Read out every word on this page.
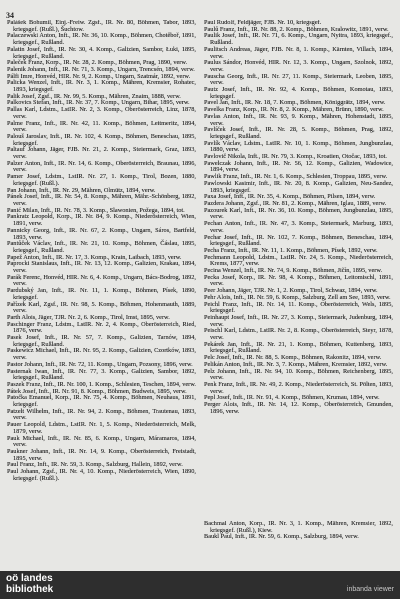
34

Palášek Bohumil, Einj.-Freiw. Zgsf., IR. Nr. 80, Böhmen, Tabor, 1893, kriegsgef. (Rußl.), Šuchtow.

Palaczewski Anton, Inft., IR. Nr. 36, 10. Komp., Böhmen, Chotěboř, 1891, kriegsgef., Rußland.

Palatin Josef, Inft., IR. Nr. 30, 4. Komp., Galizien, Sambor, Łuki, 1895, kriegsgef., Rußland.

Paleček Franz, Korp., IR. Nr. 28, 2. Komp., Böhmen, Prag, 1890, verw.

Palenik Johann, Inft., IR. Nr. 71, 3. Komp., Ungarn, Trencsén, 1894, verw.

Pálfi Imre, Honvéd, HIR. Nr. 9, 2. Komp., Ungarn, Szatmár, 1892, verw.

Palicka Wenzel, Inft., IR. Nr. 3, 1. Komp., Mähren, Kremsier, Rohatec, 1893, kriegsgef.

Palik Josef, Zgsf., IR. Nr. 99, 5. Komp., Mähren, Znaim, 1888, verw.

Palkovics Stefan, Inft., IR. Nr. 37, 7. Komp., Ungarn, Bihar, 1895, verw.

Pallas Karl, Ldstm., LstIR. Nr. 2, 3. Komp., Oberösterreich, Linz, 1878, verw.

Palme Franz, Inft., IR. Nr. 42, 11. Komp., Böhmen, Leitmeritz, 1894, verw.

Palouš Jaroslav, Inft., IR. Nr. 102, 4. Komp., Böhmen, Beneschau, 1895, kriegsgef.

Paltauf Johann, Jäger, FJB. Nr. 21, 2. Komp., Steiermark, Graz, 1893, verw.

Palzer Anton, Inft., IR. Nr. 14, 6. Komp., Oberösterreich, Braunau, 1896, verw.

Pamer Josef, Ldstm., LstIR. Nr. 27, 1. Komp., Tirol, Bozen, 1880, kriegsgef. (Rußl.).

Pan Johann, Inft., IR. Nr. 29, Mähren, Olmütz, 1894, verw.

Pánek Josef, Inft., IR. Nr. 54, 8. Komp., Mähren, Mähr.-Schönberg, 1892, verw.

Panić Milan, Inft., IR. Nr. 78, 3. Komp., Slawonien, Požega, 1894, tot.

Pankratz Leopold, Korp., IR. Nr. 84, 9. Komp., Niederösterreich, Wien, 1891, verw.

Pannicky Georg, Inft., IR. Nr. 67, 2. Komp., Ungarn, Sáros, Bartfeld, 1893, verw.

Pantůček Václav, Inft., IR. Nr. 21, 10. Komp., Böhmen, Čáslau, 1895, kriegsgef., Rußland.

Papež Anton, Inft., IR. Nr. 17, 3. Komp., Krain, Laibach, 1893, verw.

Paprocki Stanislaus, Inft., IR. Nr. 13, 12. Komp., Galizien, Krakau, 1894, verw.

Parák Ferenc, Honvéd, HIR. Nr. 6, 4. Komp., Ungarn, Bács-Bodrog, 1892, verw.

Pardubský Jan, Inft., IR. Nr. 11, 1. Komp., Böhmen, Písek, 1890, kriegsgef.

Pařízek Karl, Zgsf., IR. Nr. 98, 5. Komp., Böhmen, Hohenmauth, 1889, verw.

Parth Alois, Jäger, TJR. Nr. 2, 6. Komp., Tirol, Imst, 1895, verw.

Paschinger Franz, Ldstm., LstIR. Nr. 2, 4. Komp., Oberösterreich, Ried, 1876, verw.

Pasek Josef, Inft., IR. Nr. 57, 7. Komp., Galizien, Tarnów, 1894, kriegsgef., Rußland.

Paskewicz Michael, Inft., IR. Nr. 95, 2. Komp., Galizien, Czortków, 1893, verw.

Pastor Johann, Inft., IR. Nr. 72, 11. Komp., Ungarn, Pozsony, 1896, verw.

Pasternak Iwan, Inft., IR. Nr. 77, 3. Komp., Galizien, Sambor, 1892, kriegsgef., Rußland.

Paszek Franz, Inft., IR. Nr. 100, 1. Komp., Schlesien, Teschen, 1894, verw.

Pátek Josef, Inft., IR. Nr. 91, 8. Komp., Böhmen, Budweis, 1895, verw.

Patočka Emanuel, Korp., IR. Nr. 75, 4. Komp., Böhmen, Neuhaus, 1891, kriegsgef.

Patzelt Wilhelm, Inft., IR. Nr. 94, 2. Komp., Böhmen, Trautenau, 1893, verw.

Pauer Leopold, Ldstm., LstIR. Nr. 1, 5. Komp., Niederösterreich, Melk, 1879, verw.

Pauk Michael, Inft., IR. Nr. 85, 6. Komp., Ungarn, Máramaros, 1894, verw.

Paukner Johann, Inft., IR. Nr. 14, 9. Komp., Oberösterreich, Freistadt, 1895, verw.

Paul Franz, Inft., IR. Nr. 59, 3. Komp., Salzburg, Hallein, 1892, verw.

Paul Johann, Zgsf., IR. Nr. 4, 10. Komp., Niederösterreich, Wien, 1890, kriegsgef. (Rußl.).

Paul Rudolf, Feldjäger, FJB. Nr. 10, kriegsgef.

Paulů Franz, Inft., IR. Nr. 88, 2. Komp., Böhmen, Kralowitz, 1891, verw.

Paulik Josef, Inft., IR. Nr. 71, 6. Komp., Ungarn, Nyitra, 1893, kriegsgef., Rußland.

Paulitsch Andreas, Jäger, FJB. Nr. 8, 1. Komp., Kärnten, Villach, 1894, verw.

Paulus Sándor, Honvéd, HIR. Nr. 12, 3. Komp., Ungarn, Szolnok, 1892, verw.

Pauscha Georg, Inft., IR. Nr. 27, 11. Komp., Steiermark, Leoben, 1895, verw.

Pautz Josef, Inft., IR. Nr. 92, 4. Komp., Böhmen, Komotau, 1893, kriegsgef.

Pavel Jan, Inft., IR. Nr. 18, 7. Komp., Böhmen, Königgrätz, 1894, verw.

Pavelka Franz, Korp., IR. Nr. 8, 2. Komp., Mähren, Brünn, 1890, verw.

Pavlas Anton, Inft., IR. Nr. 93, 9. Komp., Mähren, Hohenstadt, 1895, verw.

Pavlíček Josef, Inft., IR. Nr. 28, 5. Komp., Böhmen, Prag, 1892, kriegsgef., Rußland.

Pavlík Václav, Ldstm., LstIR. Nr. 10, 1. Komp., Böhmen, Jungbunzlau, 1880, verw.

Pavlovič Nikola, Inft., IR. Nr. 79, 3. Komp., Kroatien, Otočac, 1893, tot.

Pawelczak Johann, Inft., IR. Nr. 56, 12. Komp., Galizien, Wadowice, 1894, verw.

Pawlik Franz, Inft., IR. Nr. 1, 6. Komp., Schlesien, Troppau, 1895, verw.

Pawlowski Kasimir, Inft., IR. Nr. 20, 8. Komp., Galizien, Neu-Sandez, 1893, kriegsgef.

Paxa Josef, Inft., IR. Nr. 35, 4. Komp., Böhmen, Pilsen, 1894, verw.

Pazdera Johann, Zgsf., IR. Nr. 81, 2. Komp., Mähren, Iglau, 1889, verw.

Pazourek Karl, Inft., IR. Nr. 36, 10. Komp., Böhmen, Jungbunzlau, 1895, verw.

Pechan Anton, Inft., IR. Nr. 47, 3. Komp., Steiermark, Marburg, 1893, verw.

Pechar Josef, Inft., IR. Nr. 102, 7. Komp., Böhmen, Beneschau, 1894, kriegsgef., Rußland.

Pecha Franz, Inft., IR. Nr. 11, 1. Komp., Böhmen, Písek, 1892, verw.

Pechmann Leopold, Ldstm., LstIR. Nr. 24, 5. Komp., Niederösterreich, Krems, 1877, verw.

Pecina Wenzel, Inft., IR. Nr. 74, 9. Komp., Böhmen, Jičín, 1895, verw.

Pecka Josef, Korp., IR. Nr. 98, 4. Komp., Böhmen, Leitomischl, 1891, verw.

Peer Johann, Jäger, TJR. Nr. 1, 2. Komp., Tirol, Schwaz, 1894, verw.

Pehr Alois, Inft., IR. Nr. 59, 6. Komp., Salzburg, Zell am See, 1893, verw.

Peichl Franz, Inft., IR. Nr. 14, 11. Komp., Oberösterreich, Wels, 1895, kriegsgef.

Peinhaupt Josef, Inft., IR. Nr. 27, 3. Komp., Steiermark, Judenburg, 1894, verw.

Peischl Karl, Ldstm., LstIR. Nr. 2, 8. Komp., Oberösterreich, Steyr, 1878, verw.

Pekárek Jan, Inft., IR. Nr. 21, 1. Komp., Böhmen, Kuttenberg, 1893, kriegsgef., Rußland.

Pelc Josef, Inft., IR. Nr. 88, 5. Komp., Böhmen, Rakonitz, 1894, verw.

Pelikán Anton, Inft., IR. Nr. 3, 7. Komp., Mähren, Kremsier, 1892, verw.

Pelz Johann, Inft., IR. Nr. 94, 10. Komp., Böhmen, Reichenberg, 1895, verw.

Penk Franz, Inft., IR. Nr. 49, 2. Komp., Niederösterreich, St. Pölten, 1893, verw.

Pepl Josef, Inft., IR. Nr. 91, 4. Komp., Böhmen, Krumau, 1894, verw.

Perger Alois, Inft., IR. Nr. 14, 12. Komp., Oberösterreich, Gmunden, 1896, verw.

Bachmal Anton, Korp., IR. Nr. 3, 1. Komp., Mähren, Kremsier, 1892, kriegsgef. (Rußl.), Kiew.

Baukl Paul, Inft., IR. Nr. 59, 6. Komp., Salzburg, 1894, verw.

oö landes
bibliothek	inbanda viewer
